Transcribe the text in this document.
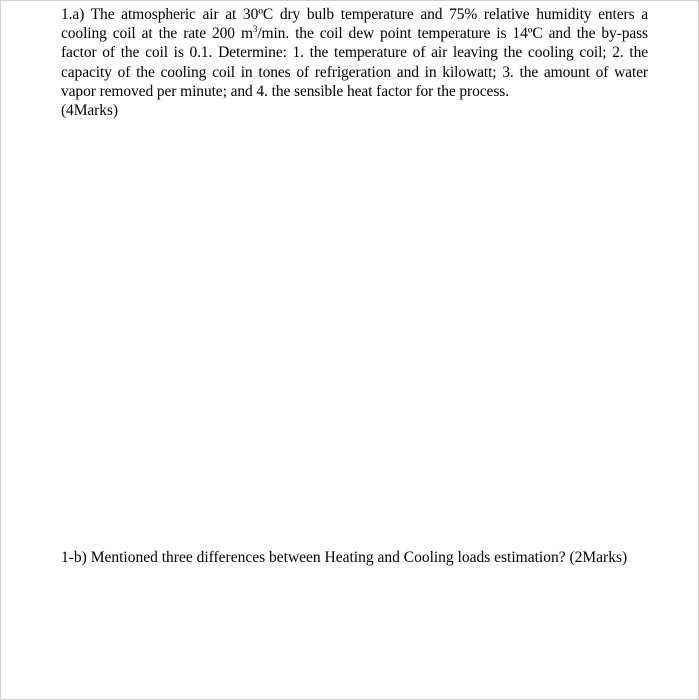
1.a) The atmospheric air at 30ºC dry bulb temperature and 75% relative humidity enters a cooling coil at the rate 200 $m^3/\min$. the coil dew point temperature is 14ºC and the by-pass factor of the coil is 0.1. Determine: 1. the temperature of air leaving the cooling coil; 2. the capacity of the cooling coil in tones of refrigeration and in kilowatt; 3. the amount of water vapor removed per minute; and 4. the sensible heat factor for the process.
(4Marks)

1-b) Mentioned three differences between Heating and Cooling loads estimation? (2Marks)
